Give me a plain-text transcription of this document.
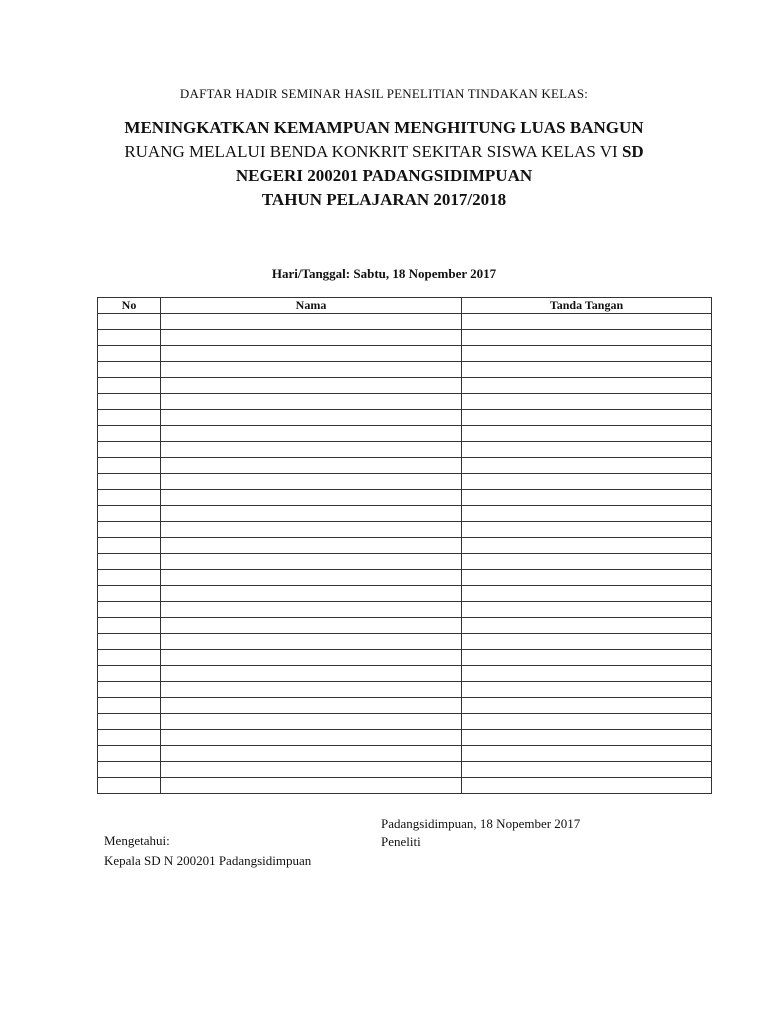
DAFTAR HADIR SEMINAR HASIL PENELITIAN TINDAKAN KELAS:
MENINGKATKAN KEMAMPUAN MENGHITUNG LUAS BANGUN
RUANG MELALUI BENDA KONKRIT SEKITAR SISWA KELAS VI SD
NEGERI 200201 PADANGSIDIMPUAN
TAHUN PELAJARAN 2017/2018
Hari/Tanggal: Sabtu, 18 Nopember 2017
No	Nama	Tanda Tangan

Padangsidimpuan, 18 Nopember 2017
Peneliti
Mengetahui:
Kepala SD N 200201 Padangsidimpuan
